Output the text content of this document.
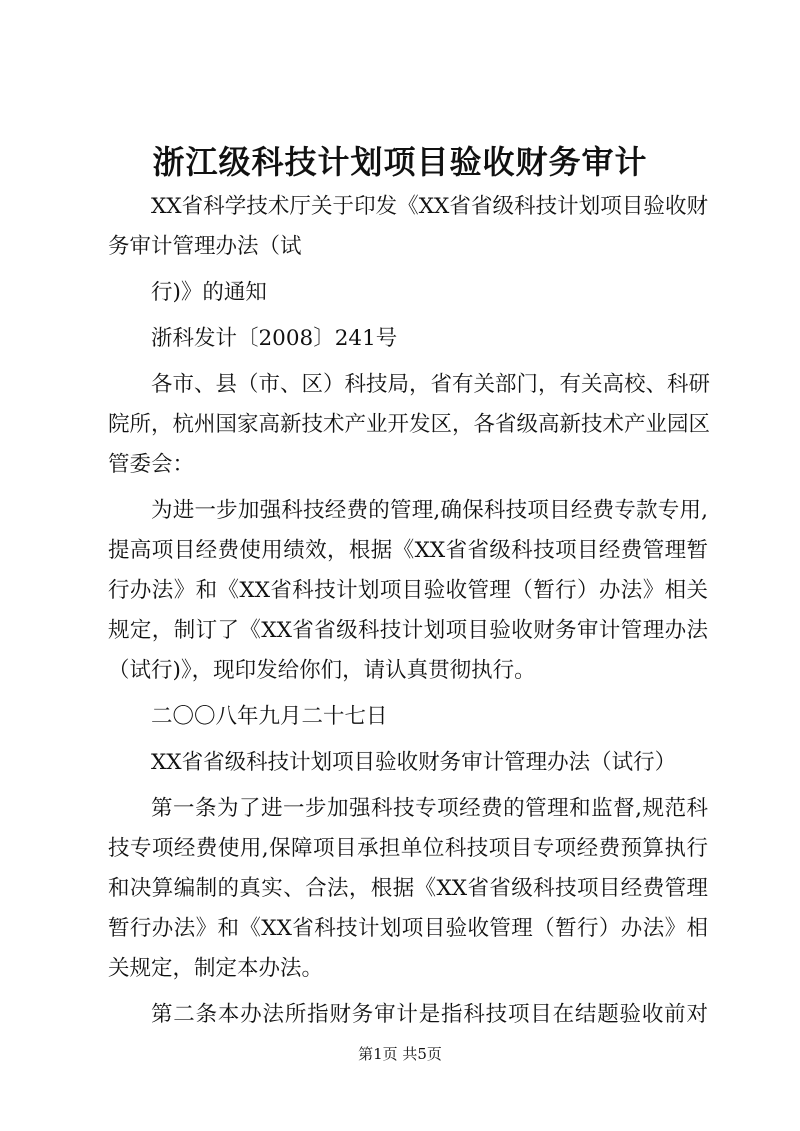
浙江级科技计划项目验收财务审计
XX省科学技术厅关于印发《XX省省级科技计划项目验收财
务审计管理办法（试
行)》的通知
浙科发计〔2008〕241号
各市、县（市、区）科技局，省有关部门，有关高校、科研
院所，杭州国家高新技术产业开发区，各省级高新技术产业园区
管委会：
为进一步加强科技经费的管理,确保科技项目经费专款专用,
提高项目经费使用绩效，根据《XX省省级科技项目经费管理暂
行办法》和《XX省科技计划项目验收管理（暂行）办法》相关
规定，制订了《XX省省级科技计划项目验收财务审计管理办法
（试行)》，现印发给你们，请认真贯彻执行。
二〇〇八年九月二十七日
XX省省级科技计划项目验收财务审计管理办法（试行）
第一条为了进一步加强科技专项经费的管理和监督,规范科
技专项经费使用,保障项目承担单位科技项目专项经费预算执行
和决算编制的真实、合法，根据《XX省省级科技项目经费管理
暂行办法》和《XX省科技计划项目验收管理（暂行）办法》相
关规定，制定本办法。
第二条本办法所指财务审计是指科技项目在结题验收前对
第1页 共5页
